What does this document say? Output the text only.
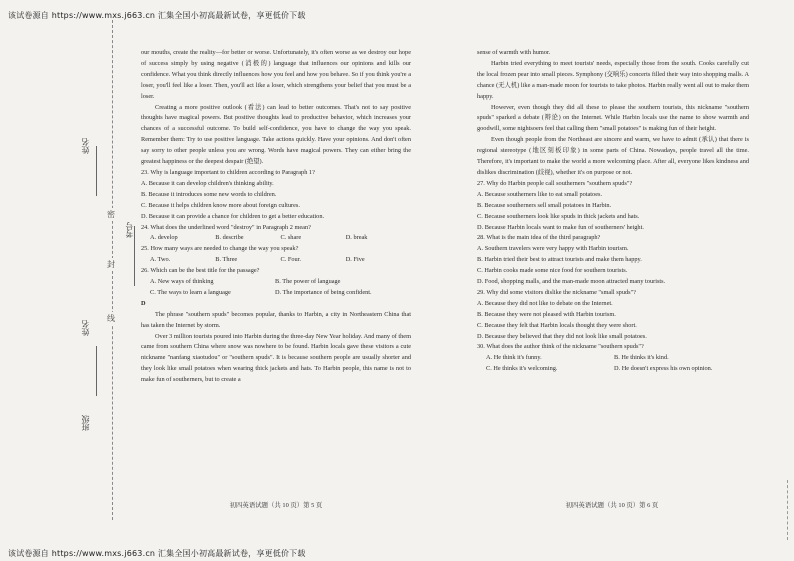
该试卷源自 https://www.mxs.j663.cn 汇集全国小初高最新试卷，享更低价下载
姓名
考号
姓名
班级
密
封
线

our mouths, create the reality—for better or worse. Unfortunately, it's often worse as we destroy our hope of success simply by using negative (消极的) language that influences our opinions and kills our confidence. What you think directly influences how you feel and how you behave. So if you think you're a loser, you'll feel like a loser. Then, you'll act like a loser, which strengthens your belief that you must be a loser.

Creating a more positive outlook (看法) can lead to better outcomes. That's not to say positive thoughts have magical powers. But positive thoughts lead to productive behavior, which increases your chances of a successful outcome. To build self-confidence, you have to change the way you speak. Remember them: Try to use positive language. Take actions quickly. Have your opinions. And don't often say sorry to other people unless you are wrong. Words have magical powers. They can either bring the greatest happiness or the deepest despair (绝望).

23. Why is language important to children according to Paragraph 1?

A. Because it can develop children's thinking ability.

B. Because it introduces some new words to children.

C. Because it helps children know more about foreign cultures.

D. Because it can provide a chance for children to get a better education.

24. What does the underlined word "destroy" in Paragraph 2 mean?

A. develop	B. describe	C. share	D. break

25. How many ways are needed to change the way you speak?

A. Two.	B. Three	C. Four.	D. Five

26. Which can be the best title for the passage?

A. New ways of thinking	B. The power of language
C. The ways to learn a language	D. The importance of being confident.

D

The phrase "southern spuds" becomes popular, thanks to Harbin, a city in Northeastern China that has taken the Internet by storm.

Over 3 million tourists poured into Harbin during the three-day New Year holiday. And many of them came from southern China where snow was nowhere to be found. Harbin locals gave these visitors a cute nickname "nanfang xiaotudou" or "southern spuds". It is because southern people are usually shorter and they look like small potatoes when wearing thick jackets and hats. To Harbin people, this name is not to make fun of southerners, but to create a

初四英语试题（共 10 页）第 5 页

sense of warmth with humor.

Harbin tried everything to meet tourists' needs, especially those from the south. Cooks carefully cut the local frozen pear into small pieces. Symphony (交响乐) concerts filled their way into shopping malls. A chance (无人机) like a man-made moon for tourists to take photos. Harbin really went all out to make them happy.

However, even though they did all these to please the southern tourists, this nickname "southern spuds" sparked a debate (辩论) on the Internet. While Harbin locals use the name to show warmth and goodwill, some nightsoers feel that calling them "small potatoes" is making fun of their height.

Even though people from the Northeast are sincere and warm, we have to admit (承认) that there is regional stereotype (地区刻板印象) in some parts of China. Nowadays, people travel all the time. Therefore, it's important to make the world a more welcoming place. After all, everyone likes kindness and dislikes discrimination (歧视), whether it's on purpose or not.

27. Why do Harbin people call southerners "southern spuds"?

A. Because southerners like to eat small potatoes.

B. Because southerners sell small potatoes in Harbin.

C. Because southerners look like spuds in thick jackets and hats.

D. Because Harbin locals want to make fun of southerners' height.

28. What is the main idea of the third paragraph?

A. Southern travelers were very happy with Harbin tourism.

B. Harbin tried their best to attract tourists and make them happy.

C. Harbin cooks made some nice food for southern tourists.

D. Food, shopping malls, and the man-made moon attracted many tourists.

29. Why did some visitors dislike the nickname "small spuds"?

A. Because they did not like to debate on the Internet.

B. Because they were not pleased with Harbin tourism.

C. Because they felt that Harbin locals thought they were short.

D. Because they believed that they did not look like small potatoes.

30. What does the author think of the nickname "southern spuds"?

A. He think it's funny.	B. He thinks it's kind.
C. He thinks it's welcoming.	D. He doesn't express his own opinion.
初四英语试题（共 10 页）第 6 页
该试卷源自 https://www.mxs.j663.cn 汇集全国小初高最新试卷，享更低价下载
